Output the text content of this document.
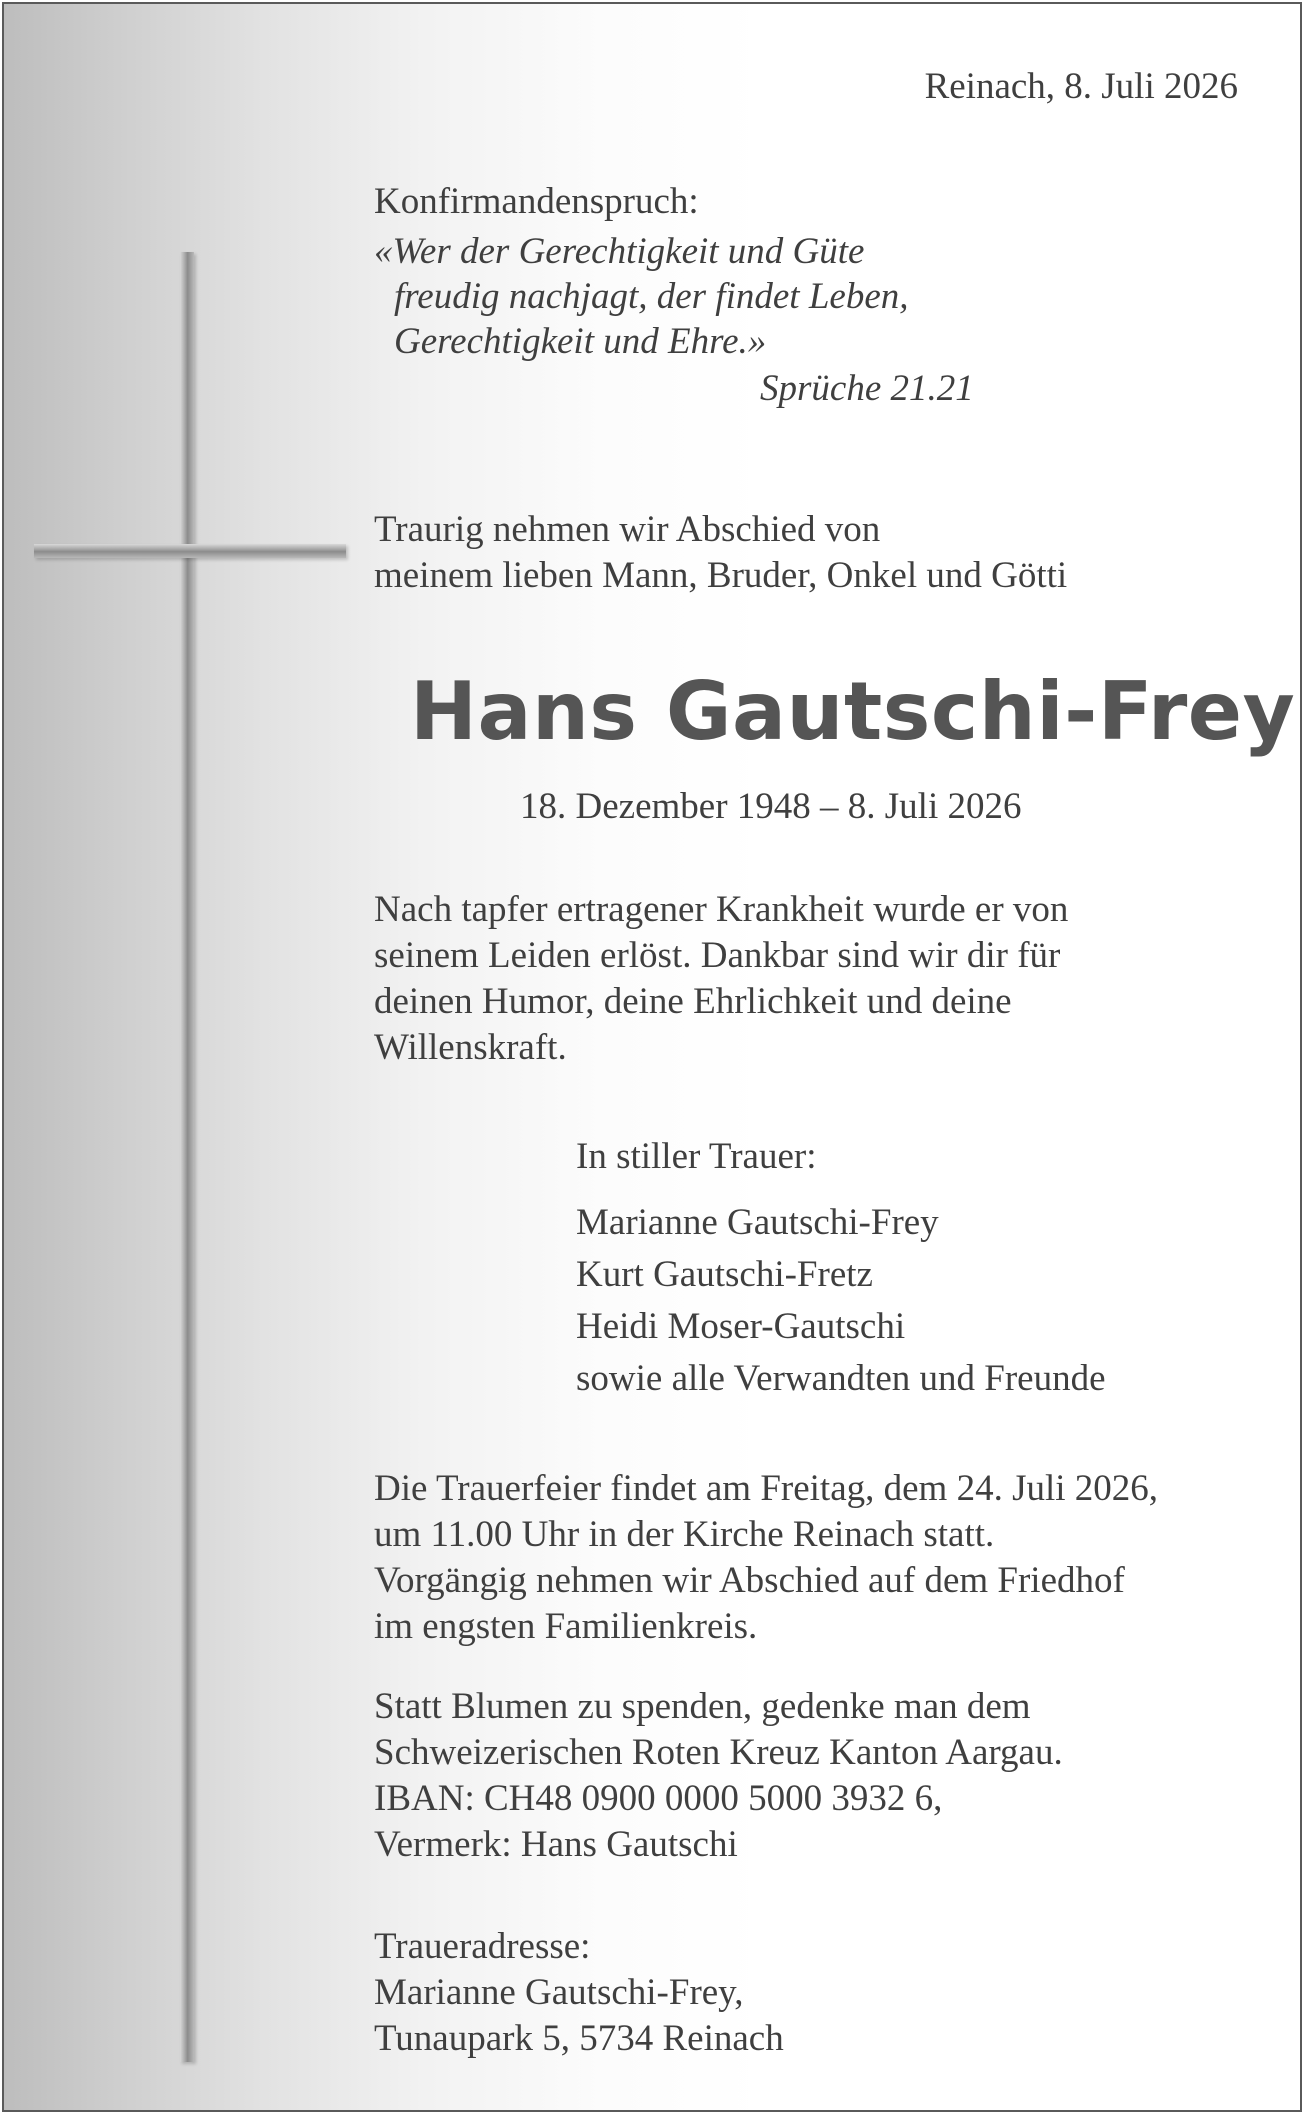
Reinach, 8. Juli 2026

Konfirmandenspruch:

«Wer der Gerechtigkeit und Güte

freudig nachjagt, der findet Leben,

Gerechtigkeit und Ehre.»

Sprüche 21.21

Traurig nehmen wir Abschied von

meinem lieben Mann, Bruder, Onkel und Götti

Hans Gautschi-Frey

18. Dezember 1948 – 8. Juli 2026

Nach tapfer ertragener Krankheit wurde er von

seinem Leiden erlöst. Dankbar sind wir dir für

deinen Humor, deine Ehrlichkeit und deine

Willenskraft.

In stiller Trauer:

Marianne Gautschi-Frey
Kurt Gautschi-Fretz
Heidi Moser-Gautschi
sowie alle Verwandten und Freunde

Die Trauerfeier findet am Freitag, dem 24. Juli 2026,

um 11.00 Uhr in der Kirche Reinach statt.

Vorgängig nehmen wir Abschied auf dem Friedhof

im engsten Familienkreis.

Statt Blumen zu spenden, gedenke man dem

Schweizerischen Roten Kreuz Kanton Aargau.

IBAN: CH48 0900 0000 5000 3932 6,

Vermerk: Hans Gautschi

Traueradresse:

Marianne Gautschi-Frey,

Tunaupark 5, 5734 Reinach
